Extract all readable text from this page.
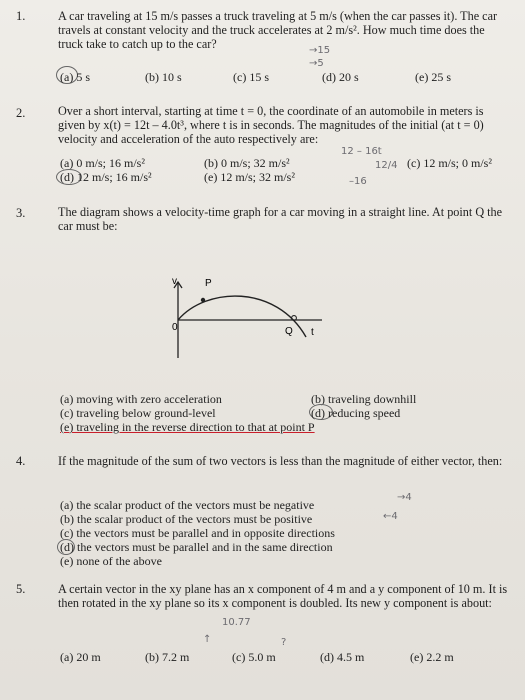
1.	A car traveling at 15 m/s passes a truck traveling at 5 m/s (when the car passes it). The car travels at constant velocity and the truck accelerates at 2 m/s². How much time does the truck take to catch up to the car?	→15
→5
(a) 5 s	(b) 10 s	(c) 15 s	(d) 20 s	(e) 25 s
2.	Over a short interval, starting at time t = 0, the coordinate of an automobile in meters is given by x(t) = 12t – 4.0t³, where t is in seconds. The magnitudes of the initial (at t = 0) velocity and acceleration of the auto respectively are:
12 – 16t
12/4
–16
(a) 0 m/s; 16 m/s²	(b) 0 m/s; 32 m/s²	(c) 12 m/s; 0 m/s²
(d) 12 m/s; 16 m/s²	(e) 12 m/s; 32 m/s²
3.	The diagram shows a velocity-time graph for a car moving in a straight line. At point Q the car must be:
v
t
P
Q
0
(a) moving with zero acceleration	(b) traveling downhill
(c) traveling below ground-level	(d) reducing speed
(e) traveling in the reverse direction to that at point P
4.	If the magnitude of the sum of two vectors is less than the magnitude of either vector, then:
→4
←4
(a) the scalar product of the vectors must be negative
(b) the scalar product of the vectors must be positive
(c) the vectors must be parallel and in opposite directions
(d) the vectors must be parallel and in the same direction
(e) none of the above
5.	A certain vector in the xy plane has an x component of 4 m and a y component of 10 m. It is then rotated in the xy plane so its x component is doubled. Its new y component is about:
10.77
↑	?
(a) 20 m	(b) 7.2 m	(c) 5.0 m	(d) 4.5 m	(e) 2.2 m
